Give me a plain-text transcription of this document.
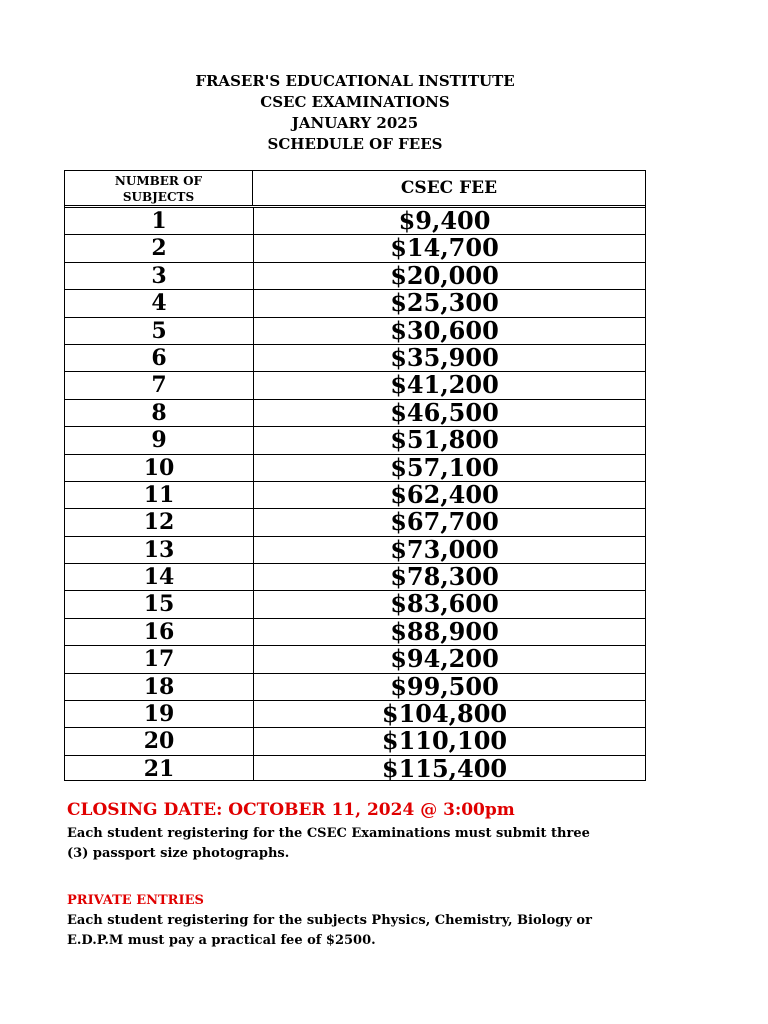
FRASER'S EDUCATIONAL INSTITUTE
CSEC EXAMINATIONS
JANUARY 2025
SCHEDULE OF FEES
NUMBER OF
SUBJECTS	CSEC FEE
1	$9,400
2	$14,700
3	$20,000
4	$25,300
5	$30,600
6	$35,900
7	$41,200
8	$46,500
9	$51,800
10	$57,100
11	$62,400
12	$67,700
13	$73,000
14	$78,300
15	$83,600
16	$88,900
17	$94,200
18	$99,500
19	$104,800
20	$110,100
21	$115,400
CLOSING DATE: OCTOBER 11, 2024 @ 3:00pm
Each student registering for the CSEC Examinations must submit three
(3) passport size photographs.
PRIVATE ENTRIES
Each student registering for the subjects Physics, Chemistry, Biology or
E.D.P.M must pay a practical fee of $2500.
